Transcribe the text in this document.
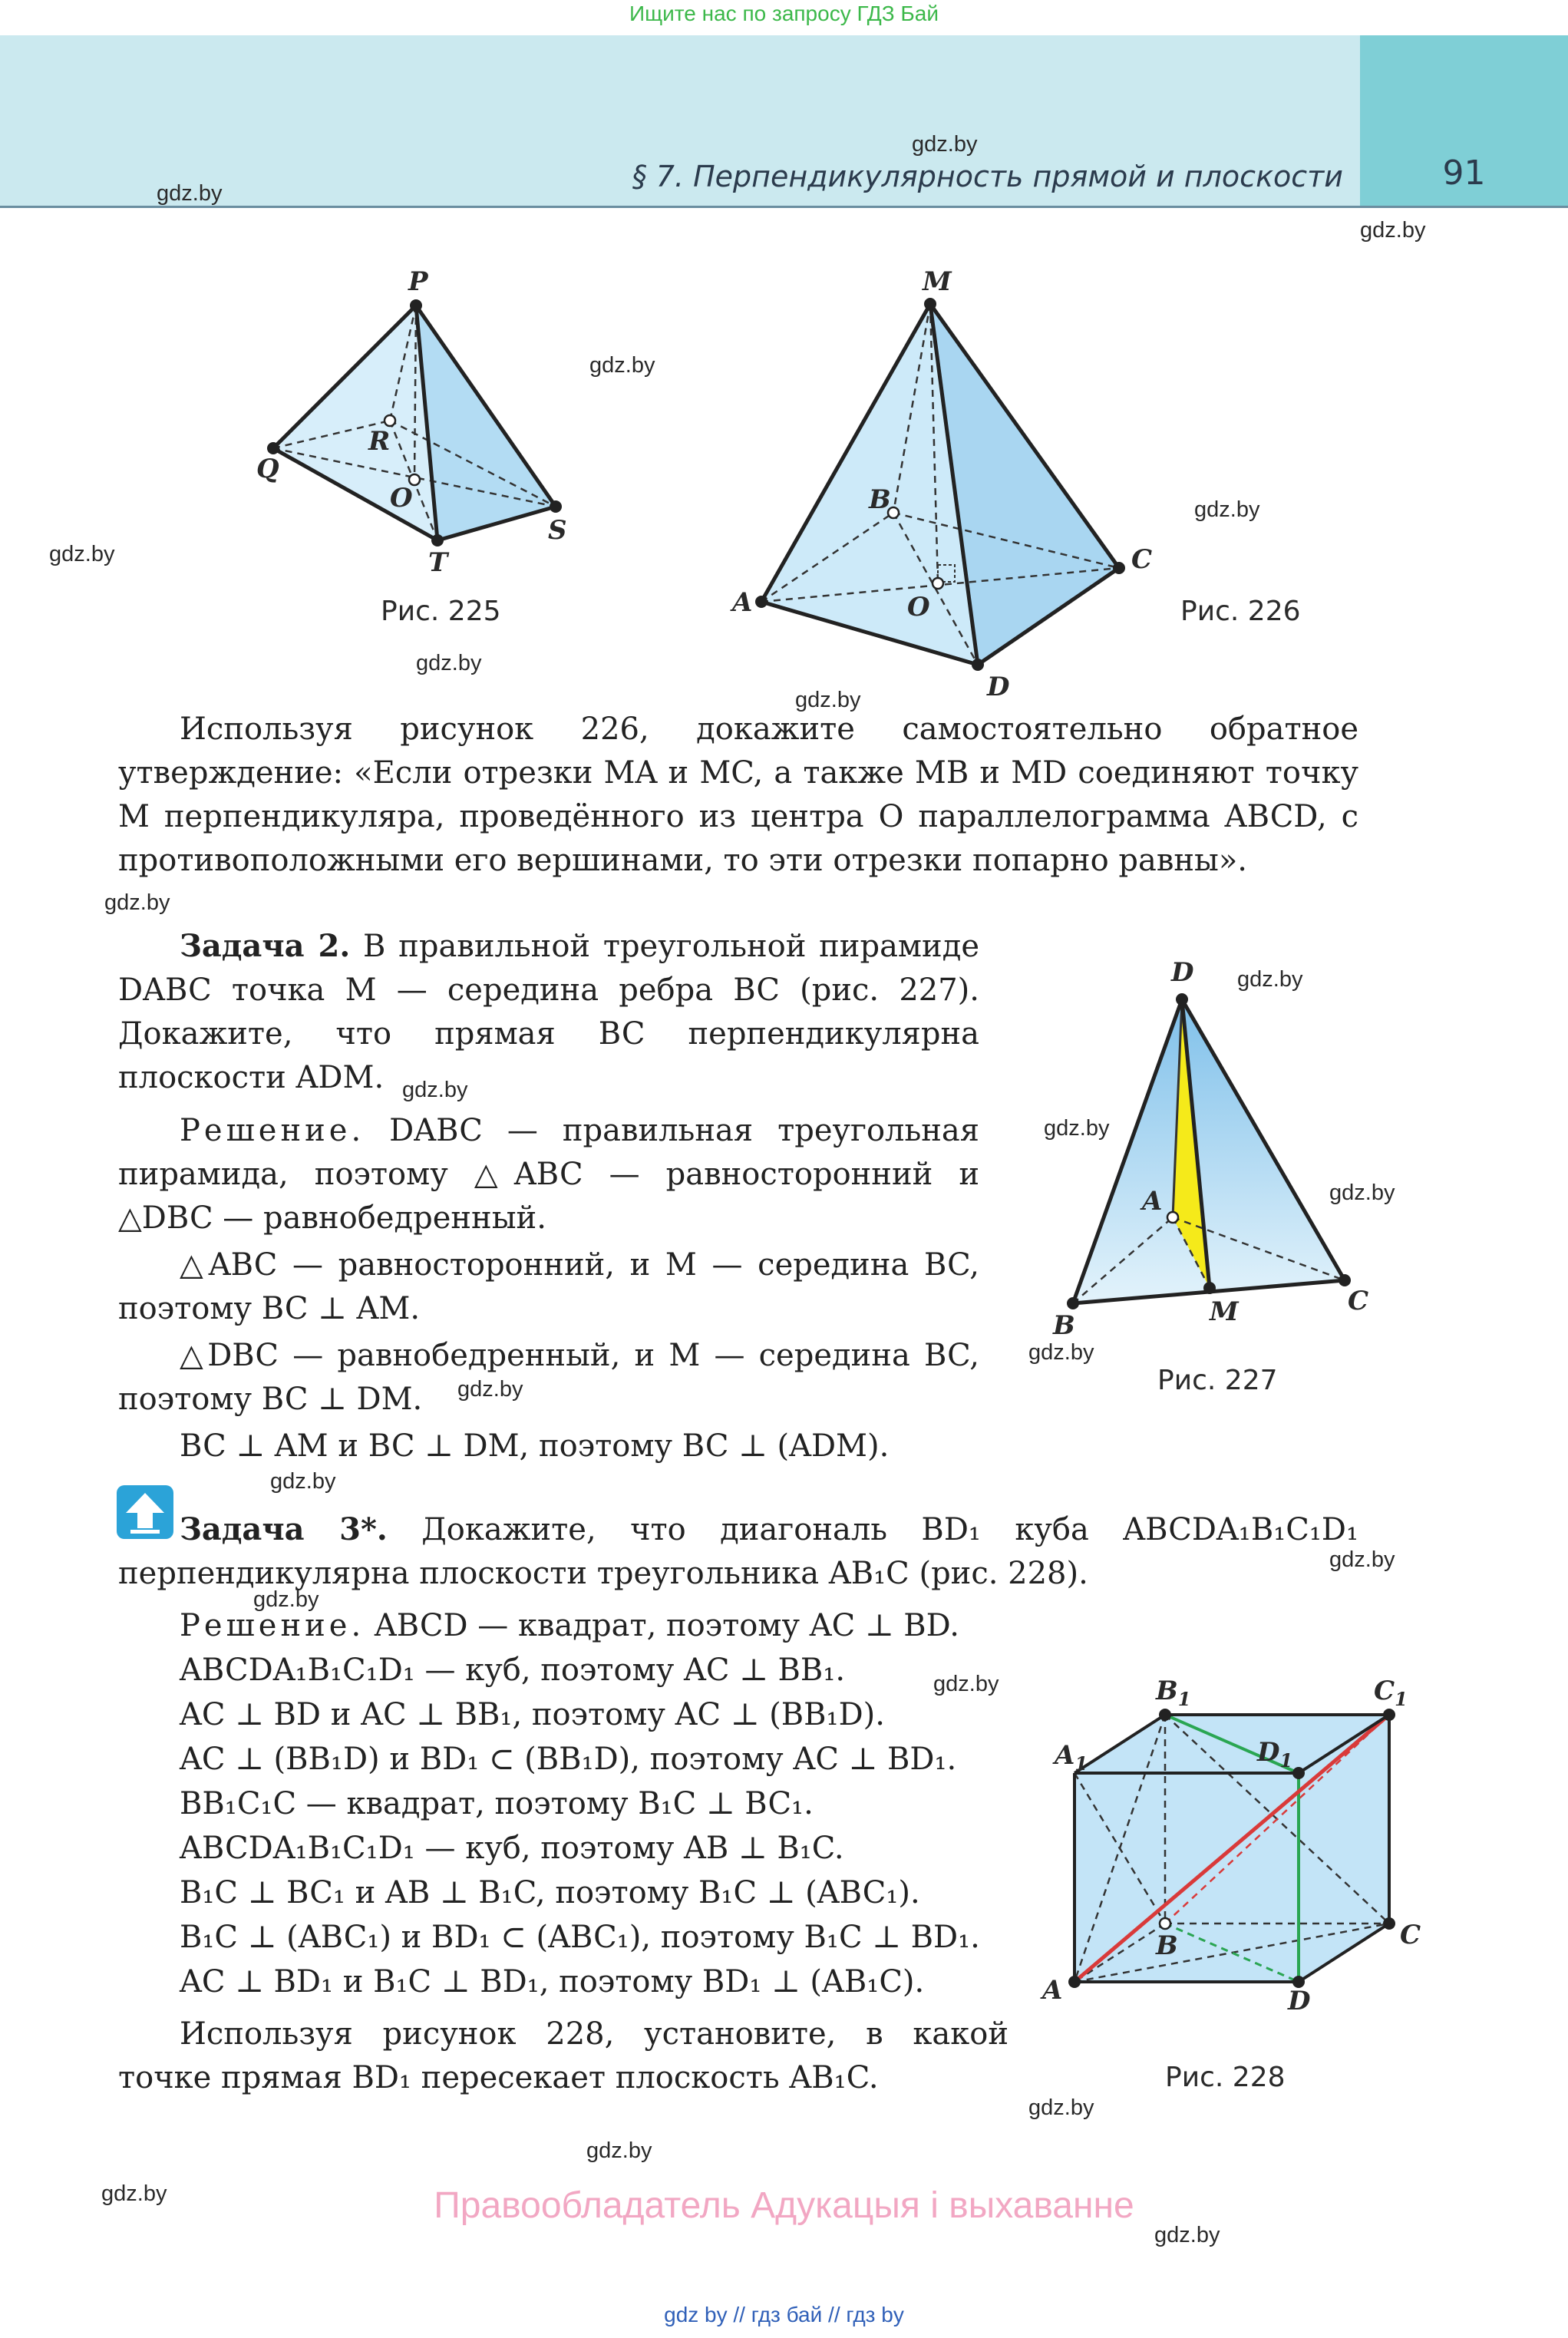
Ищите нас по запросу ГДЗ Бай
§ 7. Перпендикулярность прямой и плоскости	91
gdz.by
gdz.by
gdz.by
gdz.by
gdz.by
gdz.by
gdz.by
gdz.by
gdz.by
gdz.by
gdz.by
gdz.by
gdz.by
gdz.by
gdz.by
gdz.by
gdz.by
gdz.by
gdz.by
gdz.by
gdz.by
gdz.by
gdz.by
P
Q
R
O
T
S
Рис. 225
M
A
B
C
O
D
Рис. 226

Используя рисунок 226, докажите самостоятельно обратное утверждение: «Если отрезки MA и MC, а также MB и MD соединяют точку M перпендикуляра, проведённого из центра O параллелограмма ABCD, с противоположными его вершинами, то эти отрезки попарно равны».

Задача 2. В правильной треугольной пирамиде DABC точка M — середина ребра BC (рис. 227). Докажите, что прямая BC перпендикулярна плоскости ADM.

Решение. DABC — правильная треугольная пирамида, поэтому △ABC — равносторонний и △DBC — равнобедренный.

△ABC — равносторонний, и M — середина BC, поэтому BC ⊥ AM.

△DBC — равнобедренный, и M — середина BC, поэтому BC ⊥ DM.

BC ⊥ AM и BC ⊥ DM, поэтому BC ⊥ (ADM).

D
A
B	M	C
Рис. 227

Задача 3*. Докажите, что диагональ BD₁ куба ABCDA₁B₁C₁D₁ перпендикулярна плоскости треугольника AB₁C (рис. 228).

Решение. ABCD — квадрат, поэтому AC ⊥ BD.

ABCDA₁B₁C₁D₁ — куб, поэтому AC ⊥ BB₁.

AC ⊥ BD и AC ⊥ BB₁, поэтому AC ⊥ (BB₁D).

AC ⊥ (BB₁D) и BD₁ ⊂ (BB₁D), поэтому AC ⊥ BD₁.

BB₁C₁C — квадрат, поэтому B₁C ⊥ BC₁.

ABCDA₁B₁C₁D₁ — куб, поэтому AB ⊥ B₁C.

B₁C ⊥ BC₁ и AB ⊥ B₁C, поэтому B₁C ⊥ (ABC₁).

B₁C ⊥ (ABC₁) и BD₁ ⊂ (ABC₁), поэтому B₁C ⊥ BD₁.

AC ⊥ BD₁ и B₁C ⊥ BD₁, поэтому BD₁ ⊥ (AB₁C).

Используя рисунок 228, установите, в какой точке прямая BD₁ пересекает плоскость AB₁C.

$B_1$	$C_1$
$A_1$	$D_1$
B	C
A	D
Рис. 228
Правообладатель Адукацыя і выхаванне
gdz by // гдз бай // гдз by
